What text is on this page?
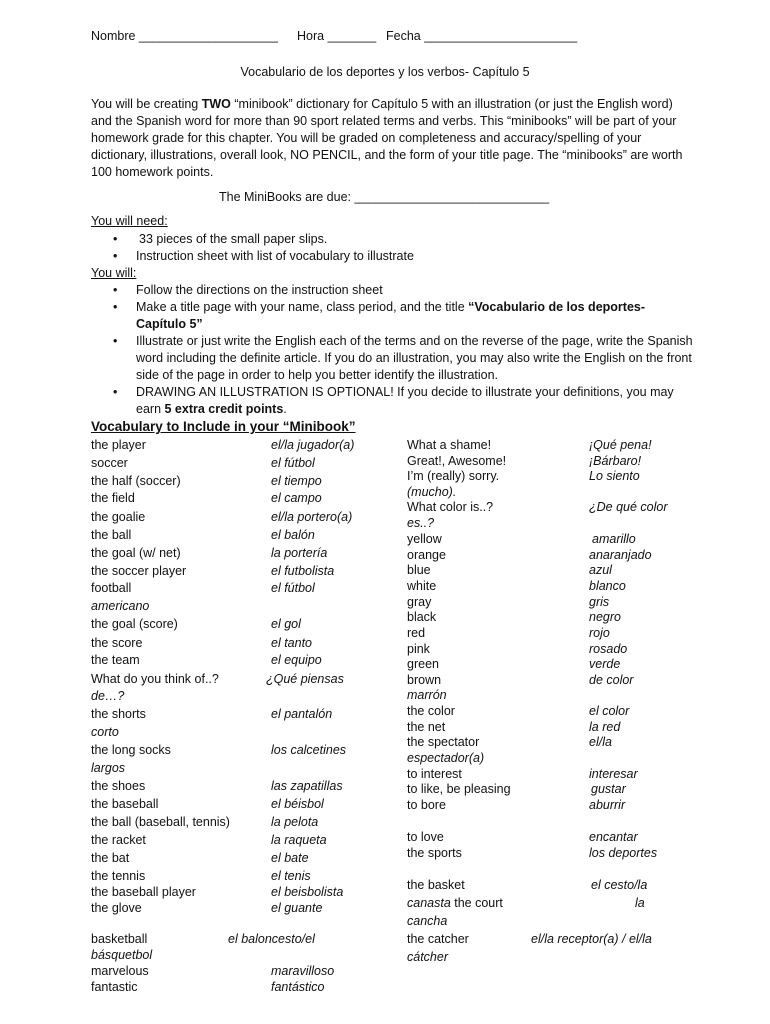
Nombre ____________________ Hora _______ Fecha ______________________
Vocabulario de los deportes y los verbos- Capítulo 5
You will be creating TWO “minibook” dictionary for Capítulo 5 with an illustration (or just the English word) and the Spanish word for more than 90 sport related terms and verbs. This “minibooks” will be part of your homework grade for this chapter. You will be graded on completeness and accuracy/spelling of your dictionary, illustrations, overall look, NO PENCIL, and the form of your title page. The “minibooks” are worth 100 homework points.
The MiniBooks are due: ____________________________
You will need:
• 33 pieces of the small paper slips.
• Instruction sheet with list of vocabulary to illustrate
You will:
• Follow the directions on the instruction sheet
• Make a title page with your name, class period, and the title “Vocabulario de los deportes- Capítulo 5”
• Illustrate or just write the English each of the terms and on the reverse of the page, write the Spanish word including the definite article. If you do an illustration, you may also write the English on the front side of the page in order to help you better identify the illustration.
• DRAWING AN ILLUSTRATION IS OPTIONAL! If you decide to illustrate your definitions, you may earn 5 extra credit points.
Vocabulary to Include in your “Minibook”
the player
soccer
the half (soccer)
the field
the goalie
the ball
the goal (w/ net)
the soccer player
football
americano
the goal (score)
the score
the team
What do you think of..?
de…?
the shorts
corto
the long socks
largos
the shoes
the baseball
the ball (baseball, tennis)
the racket
the bat
the tennis
the baseball player
the glove
basketball
básquetbol
marvelous
fantastic
el/la jugador(a)
el fútbol
el tiempo
el campo
el/la portero(a)
el balón
la portería
el futbolista
el fútbol
el gol
el tanto
el equipo
¿Qué piensas
el pantalón
los calcetines
las zapatillas
el béisbol
la pelota
la raqueta
el bate
el tenis
el beisbolista
el guante
el baloncesto/el
maravilloso
fantástico
What a shame!
Great!, Awesome!
I’m (really) sorry.
(mucho).
What color is..?
es..?
yellow
orange
blue
white
gray
black
red
pink
green
brown
marrón
the color
the net
the spectator
espectador(a)
to interest
to like, be pleasing
to bore
to love
the sports
the basket
canasta the court	la
cancha
the catcher
cátcher
¡Qué pena!
¡Bárbaro!
Lo siento
¿De qué color
amarillo
anaranjado
azul
blanco
gris
negro
rojo
rosado
verde
de color
el color
la red
el/la
interesar
gustar
aburrir
encantar
los deportes
el cesto/la
el/la receptor(a) / el/la
